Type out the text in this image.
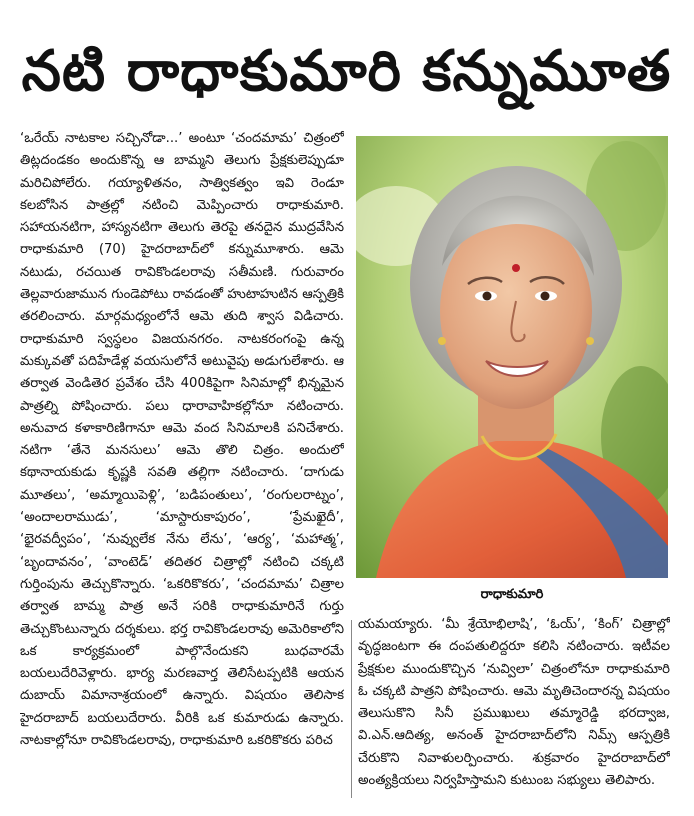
నటి రాధాకుమారి కన్నుమూత

‘ఒరేయ్ నాటకాల సచ్చినోడా...’ అంటూ ‘చందమామ’ చిత్రంలో తిట్లదండకం అందుకొన్న ఆ బామ్మని తెలుగు ప్రేక్షకులెప్పుడూ మరిచిపోలేరు. గయ్యాళితనం, సాత్వికత్వం ఇవి రెండూ కలబోసిన పాత్రల్లో నటించి మెప్పించారు రాధాకుమారి. సహాయనటిగా, హాస్యనటిగా తెలుగు తెరపై తనదైన ముద్రవేసిన రాధాకుమారి (70) హైదరాబాద్‌లో కన్నుమూశారు. ఆమె నటుడు, రచయిత రావికొండలరావు సతీమణి. గురువారం తెల్లవారుజామున గుండెపోటు రావడంతో హుటాహుటిన ఆస్పత్రికి తరలించారు. మార్గమధ్యంలోనే ఆమె తుది శ్వాస విడిచారు. రాధాకుమారి స్వస్థలం విజయనగరం. నాటకరంగంపై ఉన్న మక్కువతో పదిహేడేళ్ల వయసులోనే అటువైపు అడుగులేశారు. ఆ తర్వాత వెండితెర ప్రవేశం చేసి 400కిపైగా సినిమాల్లో భిన్నమైన పాత్రల్ని పోషించారు. పలు ధారావాహికల్లోనూ నటించారు. అనువాద కళాకారిణిగానూ ఆమె వంద సినిమాలకి పనిచేశారు. నటిగా ‘తేనె మనసులు’ ఆమె తొలి చిత్రం. అందులో కథానాయకుడు కృష్ణకి సవతి తల్లిగా నటించారు. ‘దాగుడు మూతలు’, ‘అమ్మాయిపెళ్లి’, ‘బడిపంతులు’, ‘రంగులరాట్నం’, ‘అందాలరాముడు’, ‘మాస్టారుకాపురం’, ‘ప్రేమఖైదీ’, ‘భైరవద్వీపం’, ‘నువ్వులేక నేను లేను’, ‘ఆర్య’, ‘మహాత్మ’, ‘బృందావనం’, ‘వాంటెడ్’ తదితర చిత్రాల్లో నటించి చక్కటి గుర్తింపును తెచ్చుకొన్నారు. ‘ఒకరికొకరు’, ‘చందమామ’ చిత్రాల తర్వాత బామ్మ పాత్ర అనే సరికి రాధాకుమారినే గుర్తు తెచ్చుకొంటున్నారు దర్శకులు. భర్త రావికొండలరావు అమెరికాలోని ఒక కార్యక్రమంలో పాల్గొనేందుకని బుధవారమే బయలుదేరివెళ్లారు. భార్య మరణవార్త తెలిసేటప్పటికి ఆయన దుబాయ్ విమానాశ్రయంలో ఉన్నారు. విషయం తెలిసాక హైదరాబాద్ బయలుదేరారు. వీరికి ఒక కుమారుడు ఉన్నారు. నాటకాల్లోనూ రావికొండలరావు, రాధాకుమారి ఒకరికొకరు పరిచ

రాధాకుమారి

యమయ్యారు. ‘మీ శ్రేయోభిలాషి’, ‘ఓయ్’, ‘కింగ్’ చిత్రాల్లో వృద్ధజంటగా ఈ దంపతులిద్దరూ కలిసి నటించారు. ఇటీవల ప్రేక్షకుల ముందుకొచ్చిన ‘నువ్విలా’ చిత్రంలోనూ రాధాకుమారి ఓ చక్కటి పాత్రని పోషించారు. ఆమె మృతిచెందారన్న విషయం తెలుసుకొని సినీ ప్రముఖులు తమ్మారెడ్డి భరద్వాజ, వి.ఎన్.ఆదిత్య, అనంత్ హైదరాబాద్‌లోని నిమ్స్ ఆస్పత్రికి చేరుకొని నివాళులర్పించారు. శుక్రవారం హైదరాబాద్‌లో అంత్యక్రియలు నిర్వహిస్తామని కుటుంబ సభ్యులు తెలిపారు.
